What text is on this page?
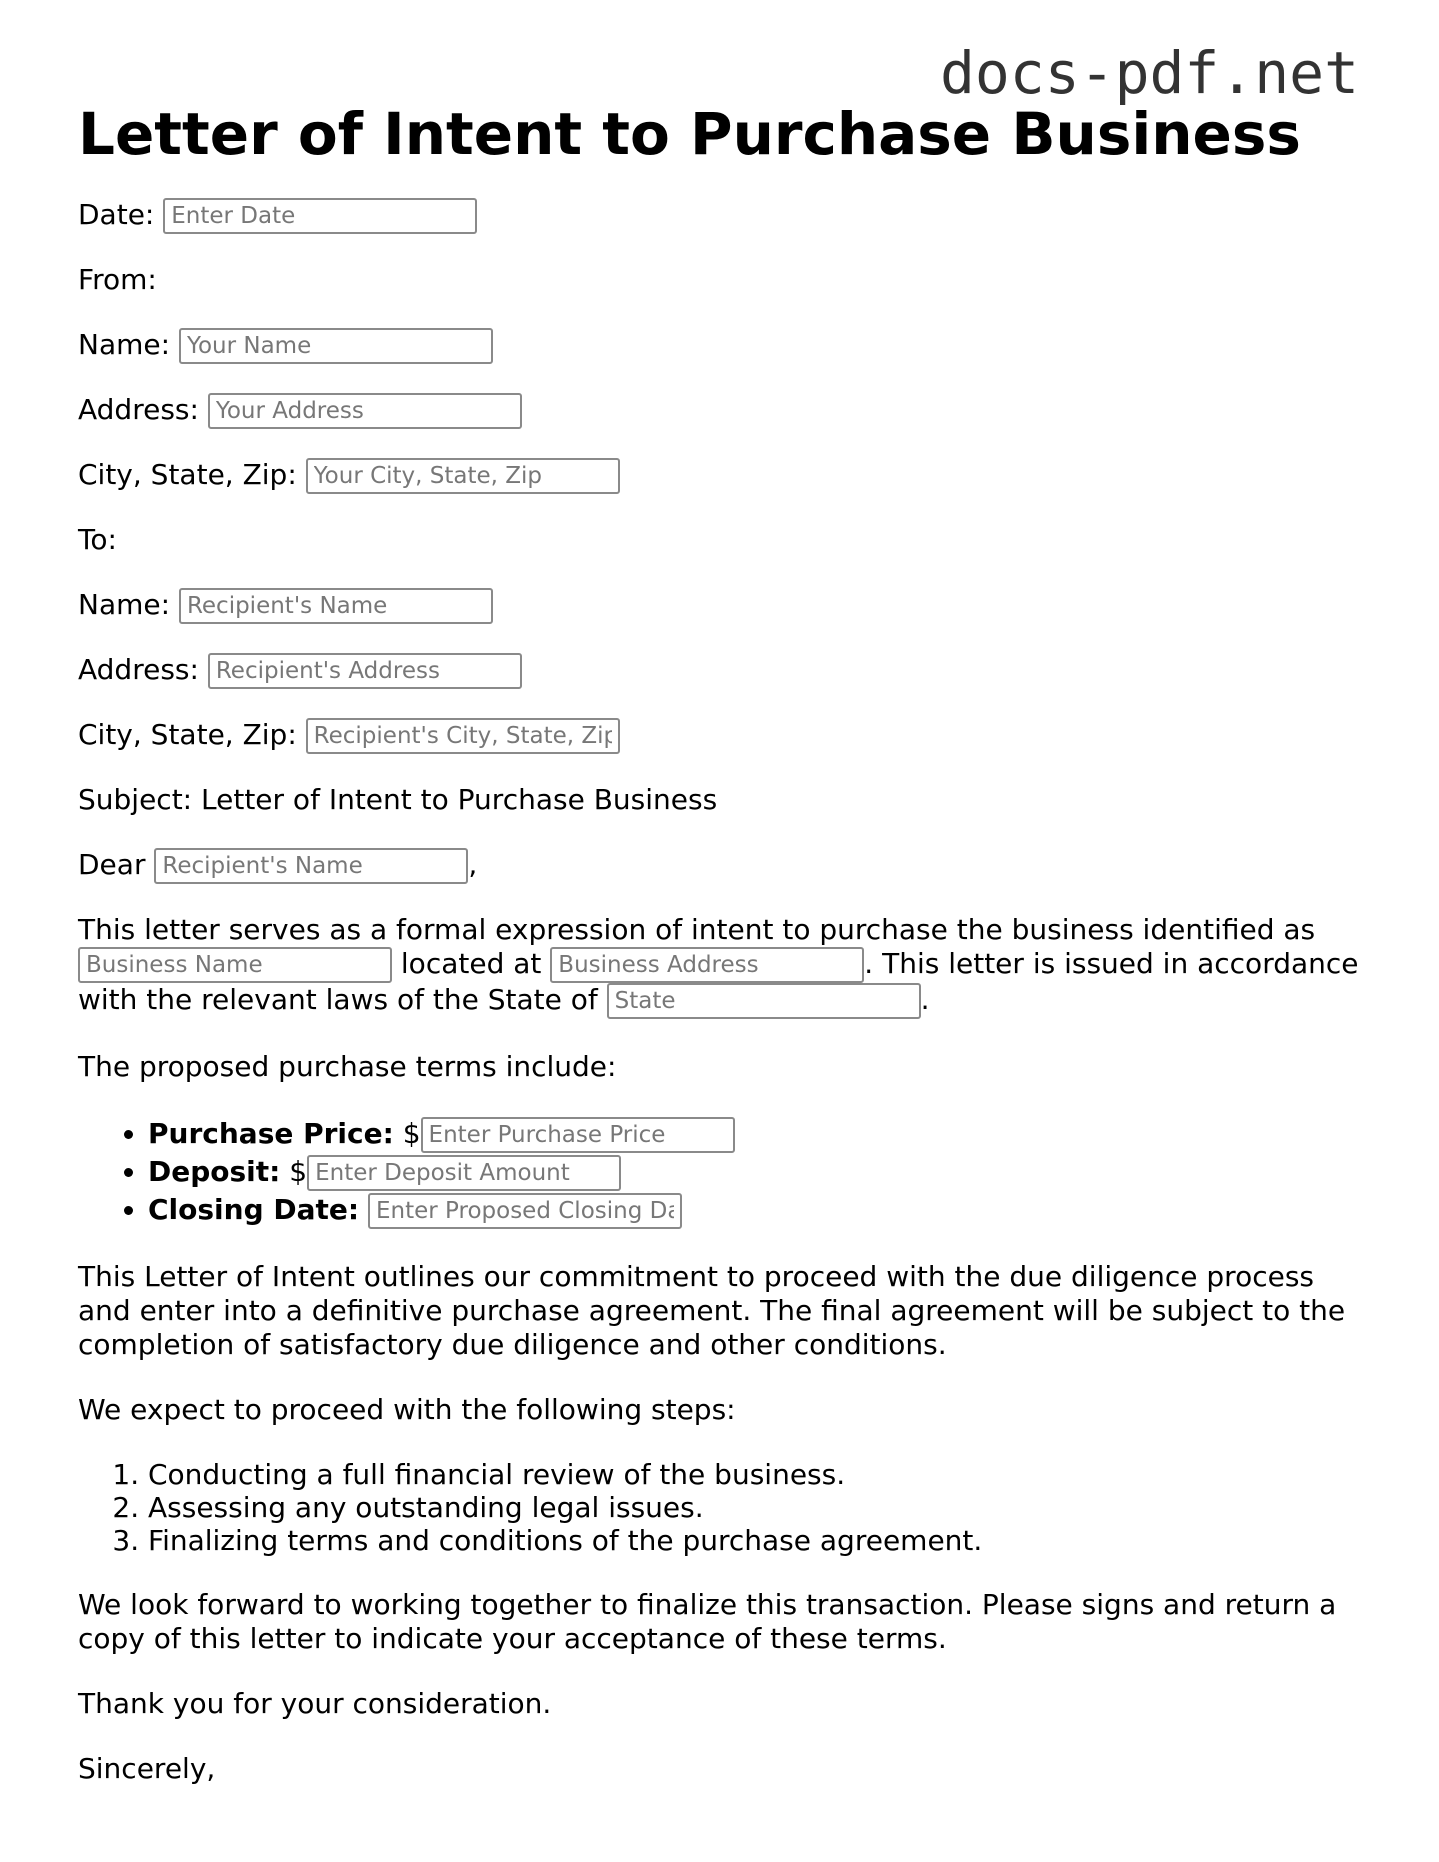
docs-pdf.net
Letter of Intent to Purchase Business
Date: Enter Date
From:
Name: Your Name
Address: Your Address
City, State, Zip: Your City, State, Zip
To:
Name: Recipient's Name
Address: Recipient's Address
City, State, Zip: Recipient's City, State, Zip
Subject: Letter of Intent to Purchase Business
Dear Recipient's Name	,

This letter serves as a formal expression of intent to purchase the business identified as Business Name located at Business Address	. This letter is issued in accordance with the relevant laws of the State of State	.

The proposed purchase terms include:

• Purchase Price: $Enter Purchase Price
• Deposit: $Enter Deposit Amount
• Closing Date: Enter Proposed Closing Date

This Letter of Intent outlines our commitment to proceed with the due diligence process and enter into a definitive purchase agreement. The final agreement will be subject to the completion of satisfactory due diligence and other conditions.

We expect to proceed with the following steps:

1. Conducting a full financial review of the business.
2. Assessing any outstanding legal issues.
3. Finalizing terms and conditions of the purchase agreement.

We look forward to working together to finalize this transaction. Please signs and return a copy of this letter to indicate your acceptance of these terms.

Thank you for your consideration.

Sincerely,
